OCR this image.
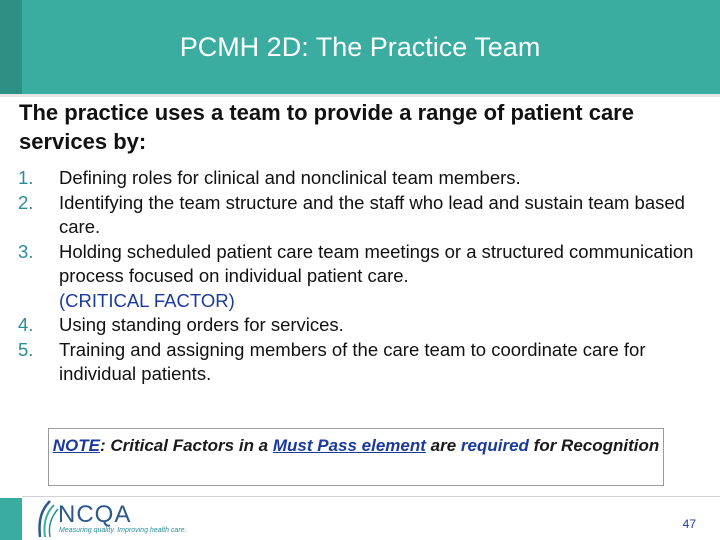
PCMH 2D: The Practice Team

The practice uses a team to provide a range of patient care services by:

1.	Defining roles for clinical and nonclinical team members.
2.	Identifying the team structure and the staff who lead and sustain team based care.
3.	Holding scheduled patient care team meetings or a structured communication process focused on individual patient care.
(CRITICAL FACTOR)
4.	Using standing orders for services.
5.	Training and assigning members of the care team to coordinate care for individual patients.
NOTE: Critical Factors in a Must Pass element are required for Recognition
NCQA
Measuring quality. Improving health care.	47
